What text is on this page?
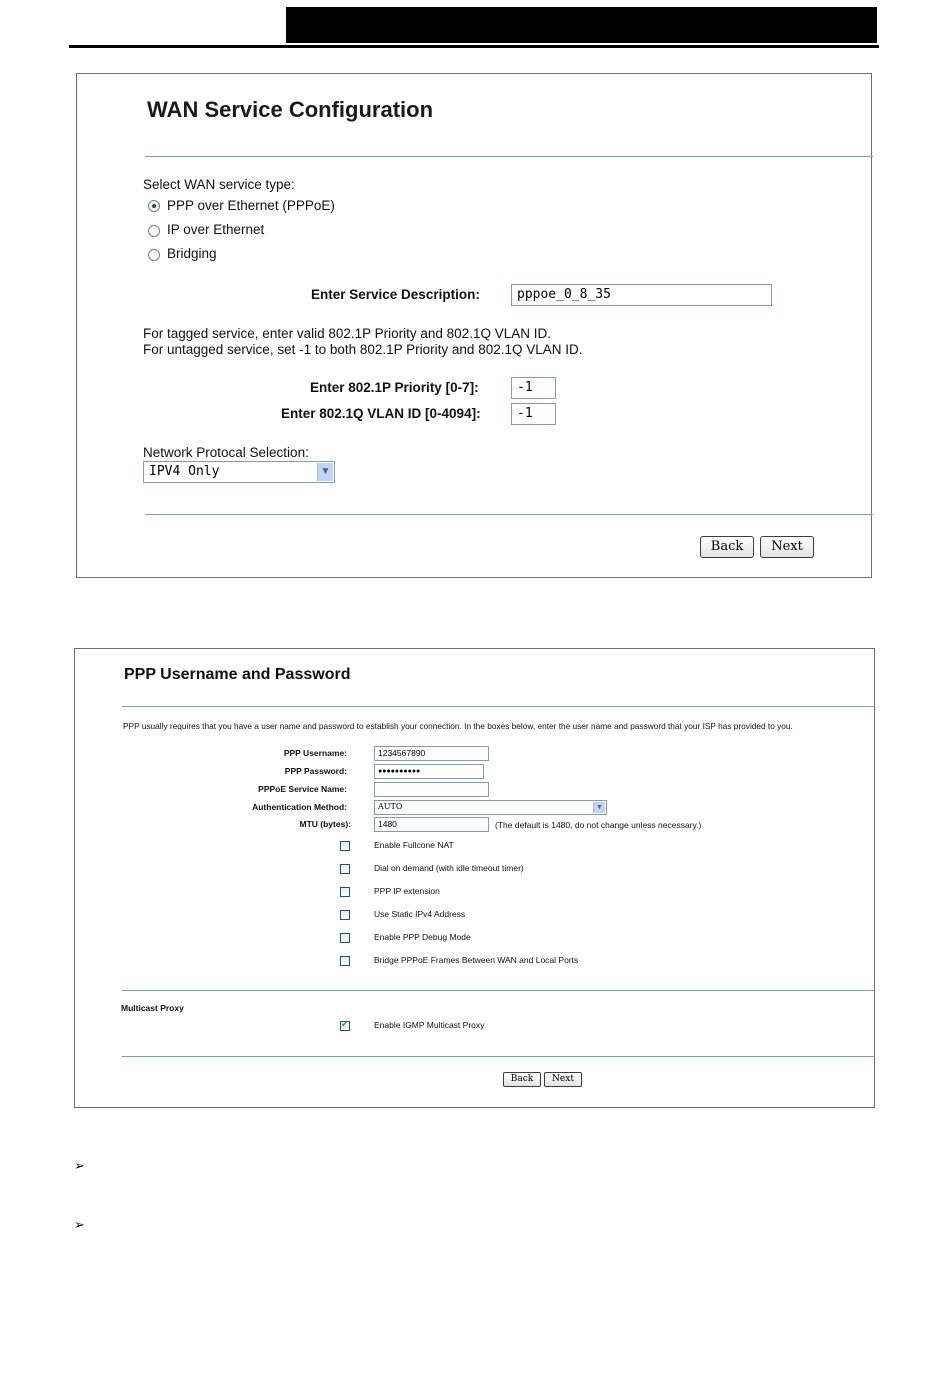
WAN Service Configuration
Select WAN service type:
PPP over Ethernet (PPPoE)
IP over Ethernet
Bridging
Enter Service Description:	pppoe_0_8_35
For tagged service, enter valid 802.1P Priority and 802.1Q VLAN ID.
For untagged service, set -1 to both 802.1P Priority and 802.1Q VLAN ID.
Enter 802.1P Priority [0-7]:	-1
Enter 802.1Q VLAN ID [0-4094]:	-1
Network Protocal Selection:
IPV4 Only	▼
Back	Next
PPP Username and Password
PPP usually requires that you have a user name and password to establish your connection. In the boxes below, enter the user name and password that your ISP has provided to you.
PPP Username:	1234567890
PPP Password:	●●●●●●●●●●
PPPoE Service Name:
Authentication Method:	AUTO	▼
MTU (bytes):	1480	(The default is 1480, do not change unless necessary.)
Enable Fullcone NAT
Dial on demand (with idle timeout timer)
PPP IP extension
Use Static IPv4 Address
Enable PPP Debug Mode
Bridge PPPoE Frames Between WAN and Local Ports
Multicast Proxy
✔
Enable IGMP Multicast Proxy
Back	Next
➢
➢
